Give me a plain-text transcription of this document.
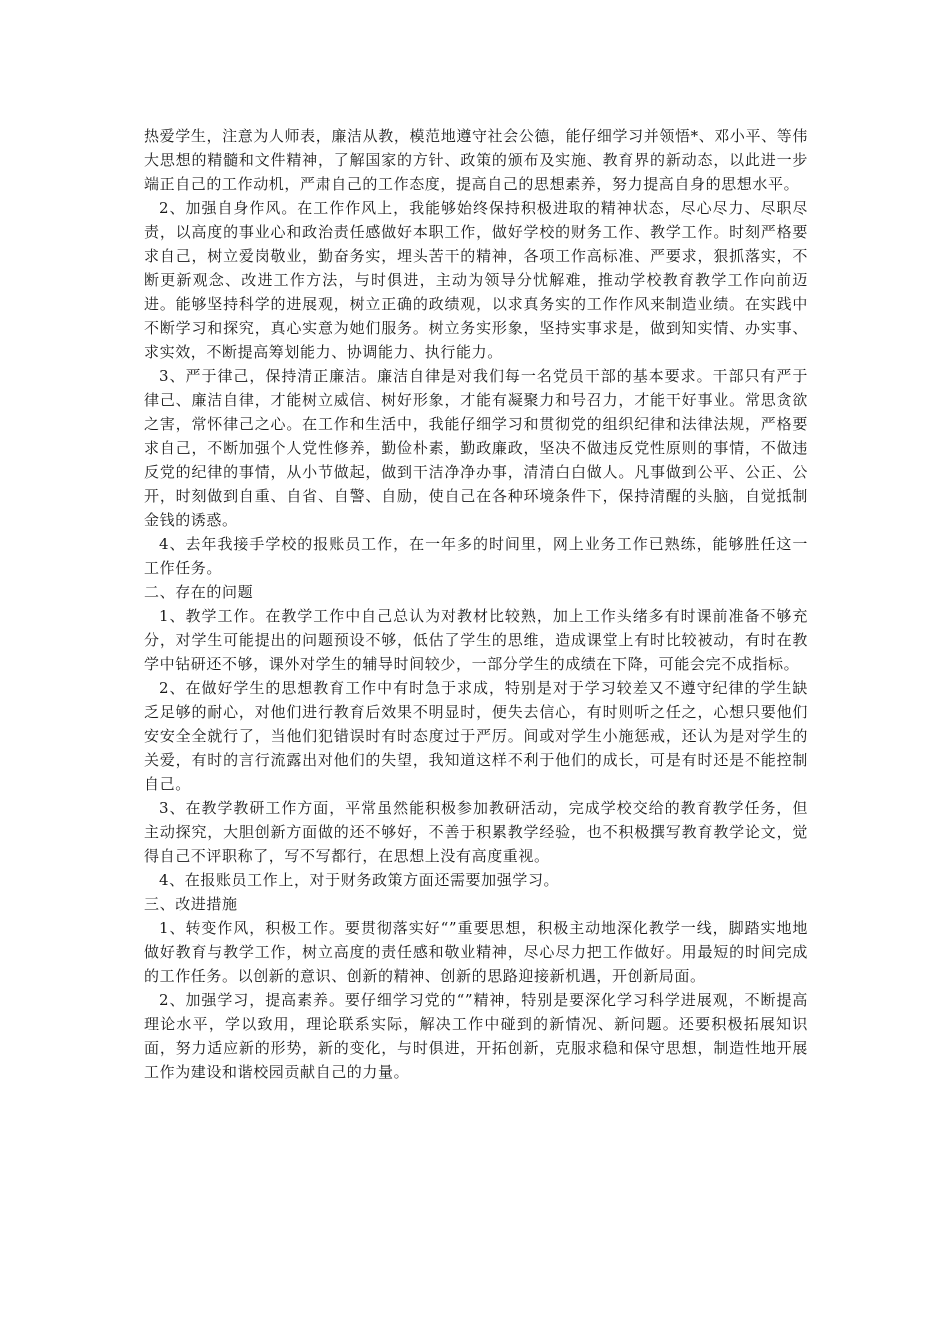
热爱学生，注意为人师表，廉洁从教，模范地遵守社会公德，能仔细学习并领悟*、邓小平、等伟大思想的精髓和文件精神，了解国家的方针、政策的颁布及实施、教育界的新动态，以此进一步端正自己的工作动机，严肃自己的工作态度，提高自己的思想素养，努力提高自身的思想水平。

2、加强自身作风。在工作作风上，我能够始终保持积极进取的精神状态，尽心尽力、尽职尽责，以高度的事业心和政治责任感做好本职工作，做好学校的财务工作、教学工作。时刻严格要求自己，树立爱岗敬业，勤奋务实，埋头苦干的精神，各项工作高标准、严要求，狠抓落实，不断更新观念、改进工作方法，与时俱进，主动为领导分忧解难，推动学校教育教学工作向前迈进。能够坚持科学的进展观，树立正确的政绩观，以求真务实的工作作风来制造业绩。在实践中不断学习和探究，真心实意为她们服务。树立务实形象，坚持实事求是，做到知实情、办实事、求实效，不断提高筹划能力、协调能力、执行能力。

3、严于律己，保持清正廉洁。廉洁自律是对我们每一名党员干部的基本要求。干部只有严于律己、廉洁自律，才能树立威信、树好形象，才能有凝聚力和号召力，才能干好事业。常思贪欲之害，常怀律己之心。在工作和生活中，我能仔细学习和贯彻党的组织纪律和法律法规，严格要求自己，不断加强个人党性修养，勤俭朴素，勤政廉政，坚决不做违反党性原则的事情，不做违反党的纪律的事情，从小节做起，做到干洁净净办事，清清白白做人。凡事做到公平、公正、公开，时刻做到自重、自省、自警、自励，使自己在各种环境条件下，保持清醒的头脑，自觉抵制金钱的诱惑。

4、去年我接手学校的报账员工作，在一年多的时间里，网上业务工作已熟练，能够胜任这一工作任务。

二、存在的问题

1、教学工作。在教学工作中自己总认为对教材比较熟，加上工作头绪多有时课前准备不够充分，对学生可能提出的问题预设不够，低估了学生的思维，造成课堂上有时比较被动，有时在教学中钻研还不够，课外对学生的辅导时间较少，一部分学生的成绩在下降，可能会完不成指标。

2、在做好学生的思想教育工作中有时急于求成，特别是对于学习较差又不遵守纪律的学生缺乏足够的耐心，对他们进行教育后效果不明显时，便失去信心，有时则听之任之，心想只要他们安安全全就行了，当他们犯错误时有时态度过于严厉。间或对学生小施惩戒，还认为是对学生的关爱，有时的言行流露出对他们的失望，我知道这样不利于他们的成长，可是有时还是不能控制自己。

3、在教学教研工作方面，平常虽然能积极参加教研活动，完成学校交给的教育教学任务，但主动探究，大胆创新方面做的还不够好，不善于积累教学经验，也不积极撰写教育教学论文，觉得自己不评职称了，写不写都行，在思想上没有高度重视。

4、在报账员工作上，对于财务政策方面还需要加强学习。

三、改进措施

1、转变作风，积极工作。要贯彻落实好“”重要思想，积极主动地深化教学一线，脚踏实地地做好教育与教学工作，树立高度的责任感和敬业精神，尽心尽力把工作做好。用最短的时间完成的工作任务。以创新的意识、创新的精神、创新的思路迎接新机遇，开创新局面。

2、加强学习，提高素养。要仔细学习党的“”精神，特别是要深化学习科学进展观，不断提高理论水平，学以致用，理论联系实际，解决工作中碰到的新情况、新问题。还要积极拓展知识面，努力适应新的形势，新的变化，与时俱进，开拓创新，克服求稳和保守思想，制造性地开展工作为建设和谐校园贡献自己的力量。
